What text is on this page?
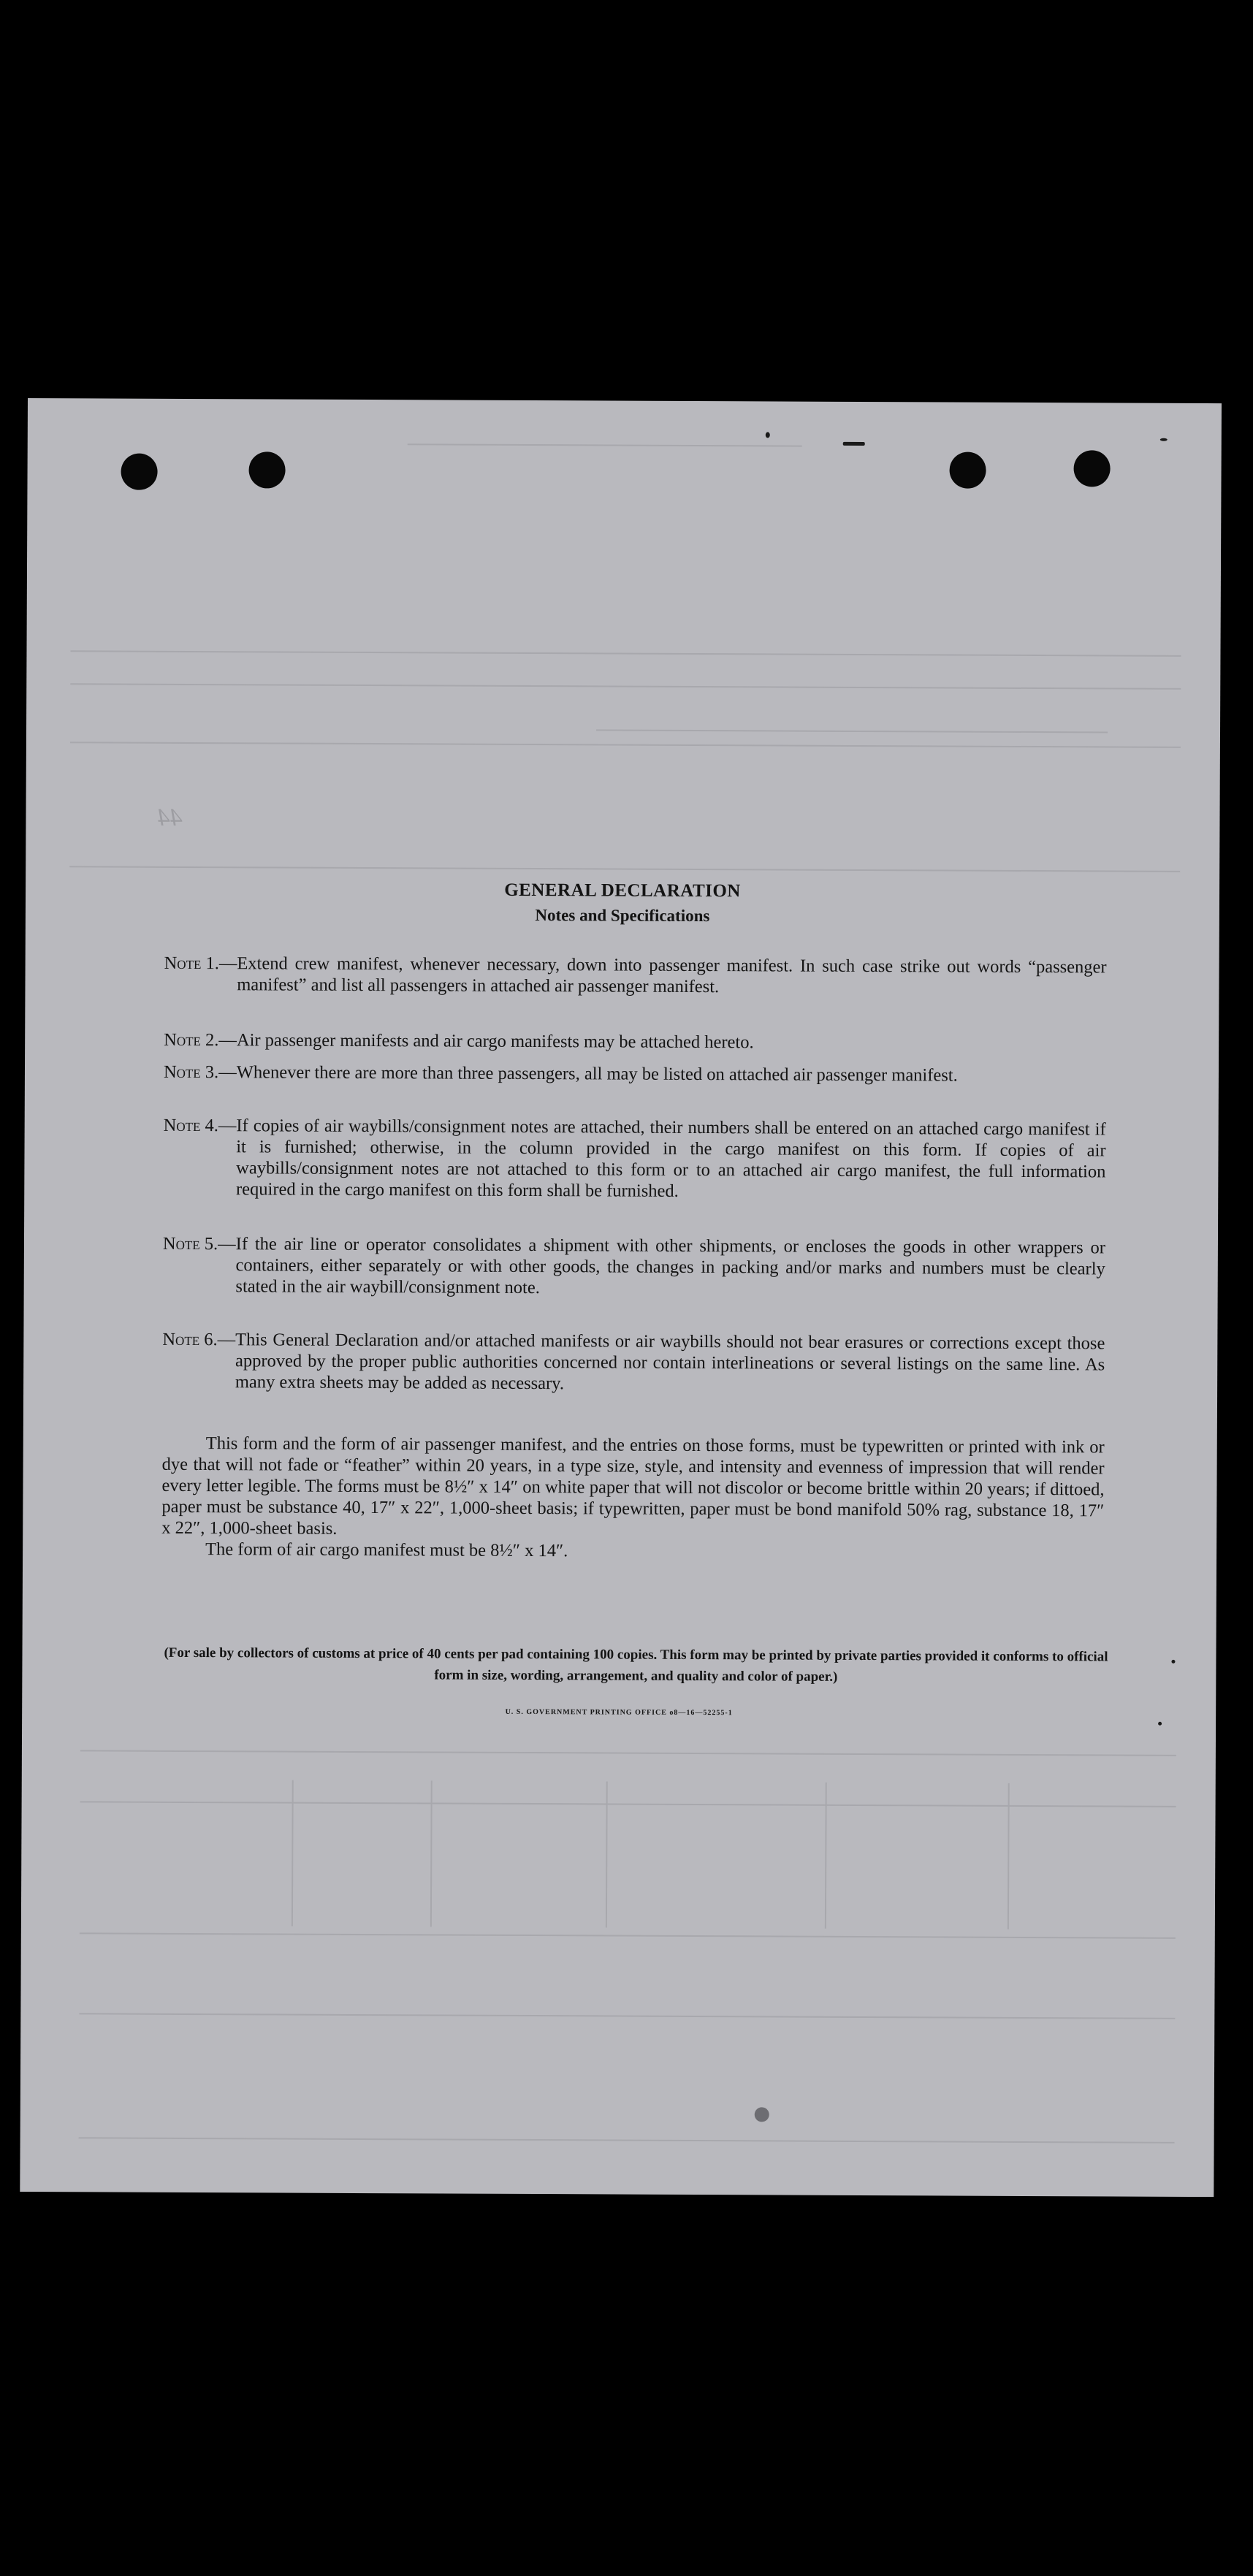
44
GENERAL DECLARATION
Notes and Specifications
Note 1. — Extend crew manifest, whenever necessary, down into passenger manifest. In such case strike out words “passenger manifest” and list all passengers in attached air passenger manifest.
Note 2. — Air passenger manifests and air cargo manifests may be attached hereto.
Note 3. — Whenever there are more than three passengers, all may be listed on attached air passenger manifest.
Note 4. — If copies of air waybills/consignment notes are attached, their numbers shall be entered on an attached cargo manifest if it is furnished; otherwise, in the column provided in the cargo manifest on this form. If copies of air waybills/consignment notes are not attached to this form or to an attached air cargo manifest, the full information required in the cargo manifest on this form shall be furnished.
Note 5. — If the air line or operator consolidates a shipment with other shipments, or encloses the goods in other wrappers or containers, either separately or with other goods, the changes in packing and/or marks and numbers must be clearly stated in the air waybill/consignment note.
Note 6. — This General Declaration and/or attached manifests or air waybills should not bear erasures or corrections except those approved by the proper public authorities concerned nor contain interlineations or several listings on the same line. As many extra sheets may be added as necessary.
This form and the form of air passenger manifest, and the entries on those forms, must be typewritten or printed with ink or dye that will not fade or “feather” within 20 years, in a type size, style, and intensity and evenness of impression that will render every letter legible. The forms must be 8½″ x 14″ on white paper that will not discolor or become brittle within 20 years; if dittoed, paper must be substance 40, 17″ x 22″, 1,000-sheet basis; if typewritten, paper must be bond manifold 50% rag, substance 18, 17″ x 22″, 1,000-sheet basis.
The form of air cargo manifest must be 8½″ x 14″.
(For sale by collectors of customs at price of 40 cents per pad containing 100 copies. This form may be printed by private parties provided it conforms to official form in size, wording, arrangement, and quality and color of paper.)
U. S. GOVERNMENT PRINTING OFFICE o8—16—52255-1
